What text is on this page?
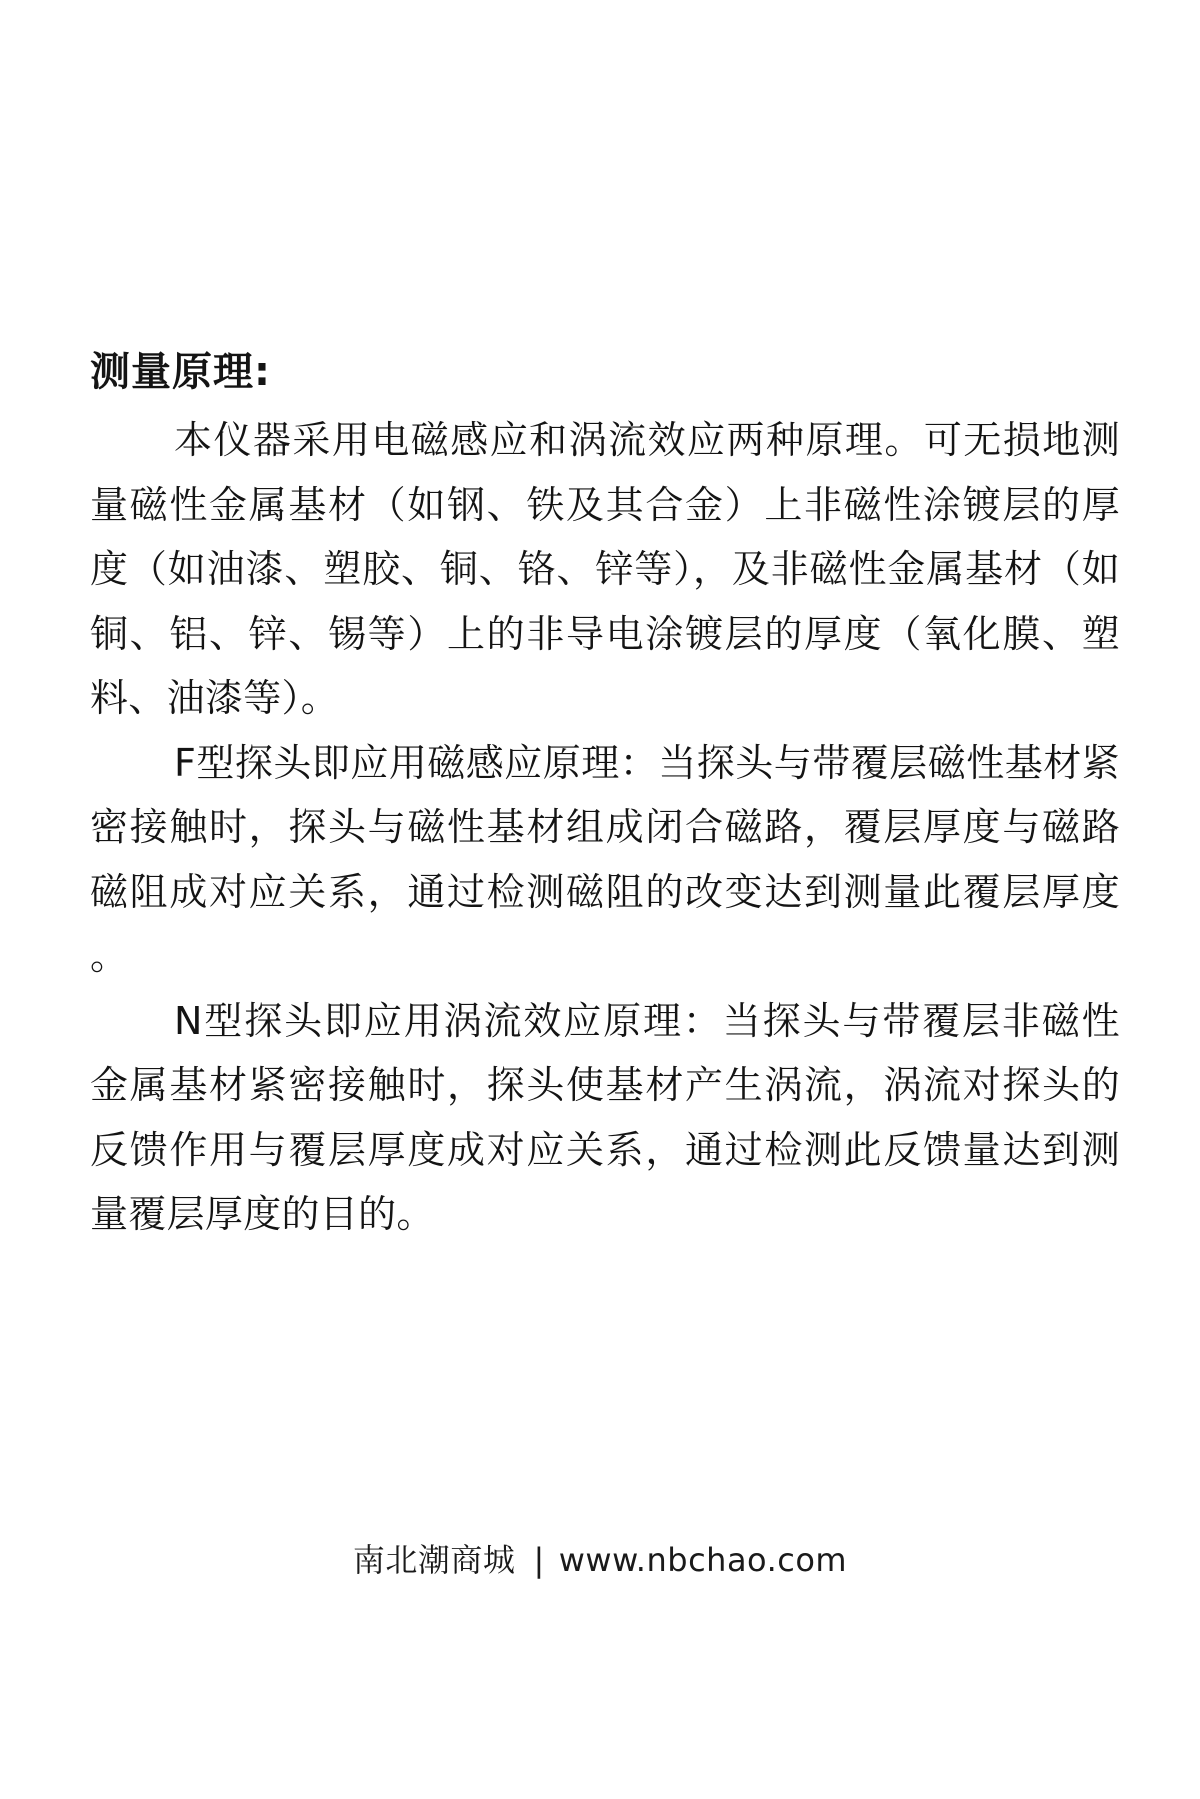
测量原理:

本仪器采用电磁感应和涡流效应两种原理。可无损地测量磁性金属基材（如钢、铁及其合金）上非磁性涂镀层的厚度（如油漆、塑胶、铜、铬、锌等），及非磁性金属基材（如铜、铝、锌、锡等）上的非导电涂镀层的厚度（氧化膜、塑料、油漆等）。

F型探头即应用磁感应原理：当探头与带覆层磁性基材紧密接触时，探头与磁性基材组成闭合磁路，覆层厚度与磁路磁阻成对应关系，通过检测磁阻的改变达到测量此覆层厚度。

N型探头即应用涡流效应原理：当探头与带覆层非磁性金属基材紧密接触时，探头使基材产生涡流，涡流对探头的反馈作用与覆层厚度成对应关系，通过检测此反馈量达到测量覆层厚度的目的。

南北潮商城 | www.nbchao.com
